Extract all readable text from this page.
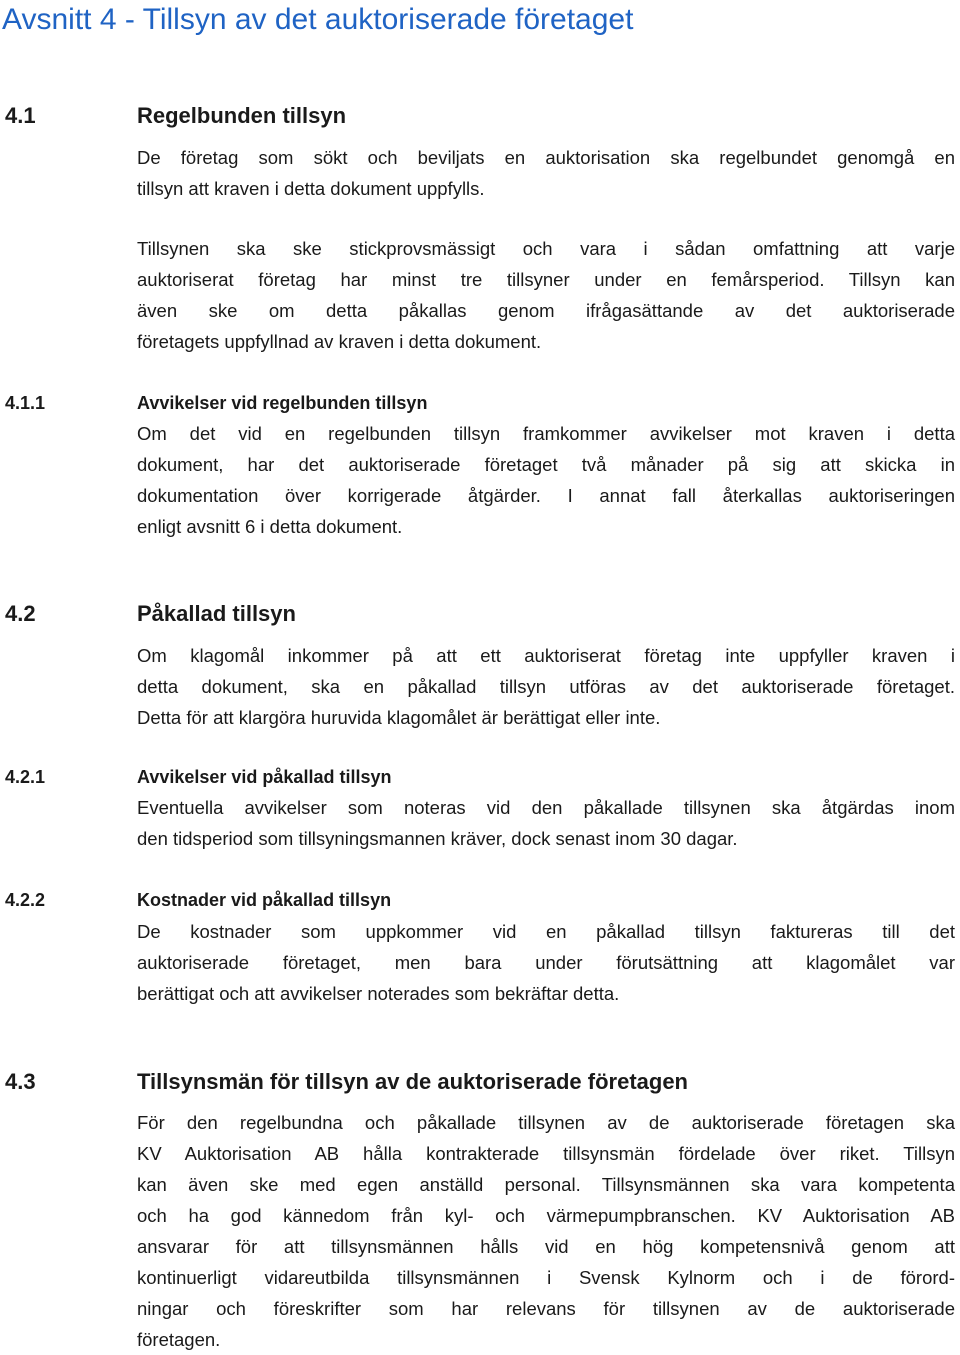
Avsnitt 4 - Tillsyn av det auktoriserade företaget
4.1	Regelbunden tillsyn
De företag som sökt och beviljats en auktorisation ska regelbundet genomgå en
tillsyn att kraven i detta dokument uppfylls.
Tillsynen ska ske stickprovsmässigt och vara i sådan omfattning att varje
auktoriserat företag har minst tre tillsyner under en femårsperiod. Tillsyn kan
även ske om detta påkallas genom ifrågasättande av det auktoriserade
företagets uppfyllnad av kraven i detta dokument.
4.1.1	Avvikelser vid regelbunden tillsyn
Om det vid en regelbunden tillsyn framkommer avvikelser mot kraven i detta
dokument, har det auktoriserade företaget två månader på sig att skicka in
dokumentation över korrigerade åtgärder. I annat fall återkallas auktoriseringen
enligt avsnitt 6 i detta dokument.
4.2	Påkallad tillsyn
Om klagomål inkommer på att ett auktoriserat företag inte uppfyller kraven i
detta dokument, ska en påkallad tillsyn utföras av det auktoriserade företaget.
Detta för att klargöra huruvida klagomålet är berättigat eller inte.
4.2.1	Avvikelser vid påkallad tillsyn
Eventuella avvikelser som noteras vid den påkallade tillsynen ska åtgärdas inom
den tidsperiod som tillsyningsmannen kräver, dock senast inom 30 dagar.
4.2.2	Kostnader vid påkallad tillsyn
De kostnader som uppkommer vid en påkallad tillsyn faktureras till det
auktoriserade företaget, men bara under förutsättning att klagomålet var
berättigat och att avvikelser noterades som bekräftar detta.
4.3	Tillsynsmän för tillsyn av de auktoriserade företagen
För den regelbundna och påkallade tillsynen av de auktoriserade företagen ska
KV Auktorisation AB hålla kontrakterade tillsynsmän fördelade över riket. Tillsyn
kan även ske med egen anställd personal. Tillsynsmännen ska vara kompetenta
och ha god kännedom från kyl- och värmepumpbranschen. KV Auktorisation AB
ansvarar för att tillsynsmännen hålls vid en hög kompetensnivå genom att
kontinuerligt vidareutbilda tillsynsmännen i Svensk Kylnorm och i de förord-
ningar och föreskrifter som har relevans för tillsynen av de auktoriserade
företagen.
